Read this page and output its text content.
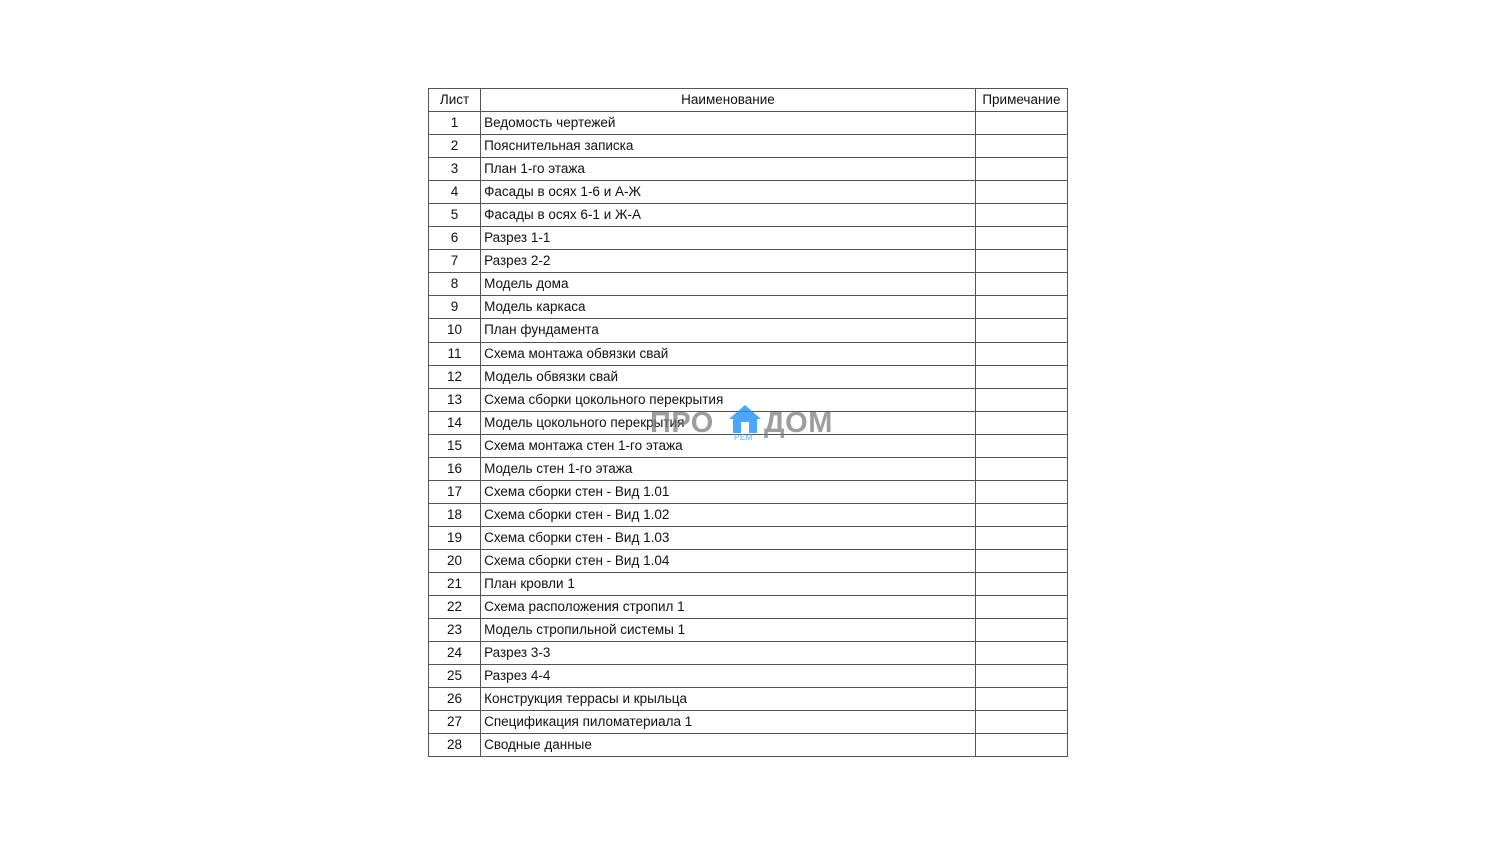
Лист	Наименование	Примечание
1	Ведомость чертежей	
2	Пояснительная записка	
3	План 1-го этажа	
4	Фасады в осях 1-6 и А-Ж	
5	Фасады в осях 6-1 и Ж-А	
6	Разрез 1-1	
7	Разрез 2-2	
8	Модель дома	
9	Модель каркаса	
10	План фундамента	
11	Схема монтажа обвязки свай	
12	Модель обвязки свай	
13	Схема сборки цокольного перекрытия	
14	Модель цокольного перекрытия	
15	Схема монтажа стен 1-го этажа	
16	Модель стен 1-го этажа	
17	Схема сборки стен - Вид 1.01	
18	Схема сборки стен - Вид 1.02	
19	Схема сборки стен - Вид 1.03	
20	Схема сборки стен - Вид 1.04	
21	План кровли 1	
22	Схема расположения стропил 1	
23	Модель стропильной системы 1	
24	Разрез 3-3	
25	Разрез 4-4	
26	Конструкция террасы и крыльца	
27	Спецификация пиломатериала 1	
28	Сводные данные	
ПРО	РЕМ ДОМ
